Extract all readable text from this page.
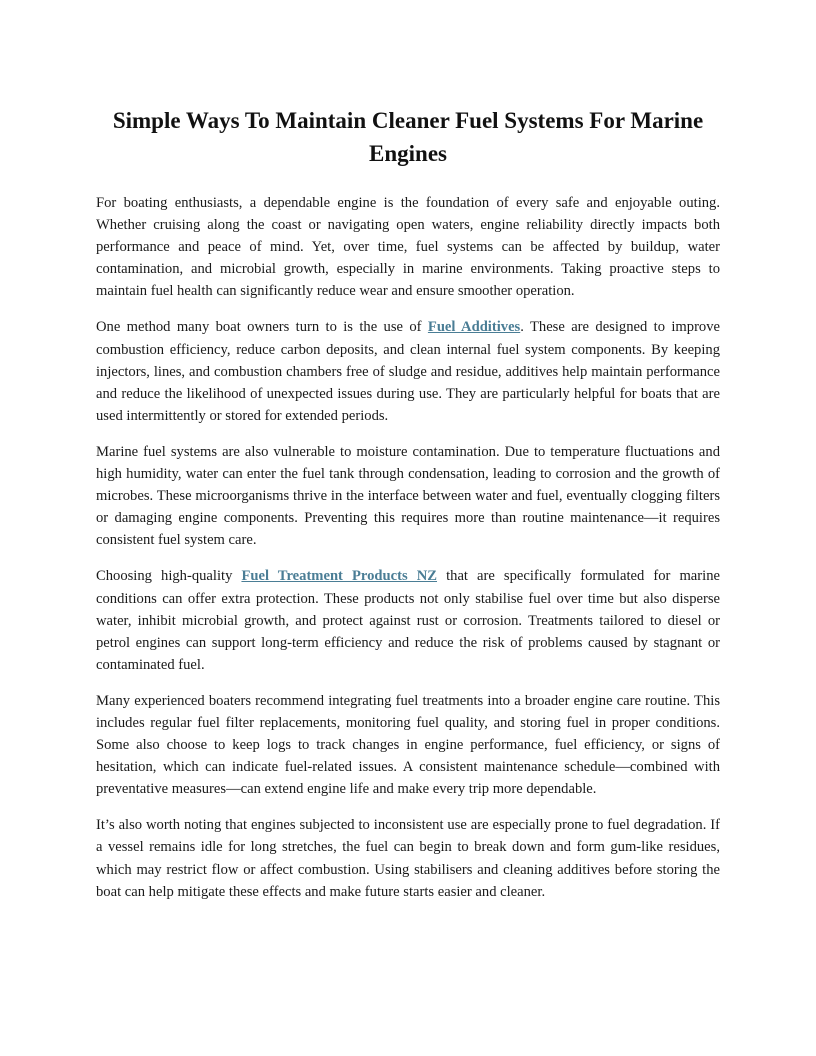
Simple Ways To Maintain Cleaner Fuel Systems For Marine Engines

For boating enthusiasts, a dependable engine is the foundation of every safe and enjoyable outing. Whether cruising along the coast or navigating open waters, engine reliability directly impacts both performance and peace of mind. Yet, over time, fuel systems can be affected by buildup, water contamination, and microbial growth, especially in marine environments. Taking proactive steps to maintain fuel health can significantly reduce wear and ensure smoother operation.

One method many boat owners turn to is the use of Fuel Additives. These are designed to improve combustion efficiency, reduce carbon deposits, and clean internal fuel system components. By keeping injectors, lines, and combustion chambers free of sludge and residue, additives help maintain performance and reduce the likelihood of unexpected issues during use. They are particularly helpful for boats that are used intermittently or stored for extended periods.

Marine fuel systems are also vulnerable to moisture contamination. Due to temperature fluctuations and high humidity, water can enter the fuel tank through condensation, leading to corrosion and the growth of microbes. These microorganisms thrive in the interface between water and fuel, eventually clogging filters or damaging engine components. Preventing this requires more than routine maintenance—it requires consistent fuel system care.

Choosing high-quality Fuel Treatment Products NZ that are specifically formulated for marine conditions can offer extra protection. These products not only stabilise fuel over time but also disperse water, inhibit microbial growth, and protect against rust or corrosion. Treatments tailored to diesel or petrol engines can support long-term efficiency and reduce the risk of problems caused by stagnant or contaminated fuel.

Many experienced boaters recommend integrating fuel treatments into a broader engine care routine. This includes regular fuel filter replacements, monitoring fuel quality, and storing fuel in proper conditions. Some also choose to keep logs to track changes in engine performance, fuel efficiency, or signs of hesitation, which can indicate fuel-related issues. A consistent maintenance schedule—combined with preventative measures—can extend engine life and make every trip more dependable.

It’s also worth noting that engines subjected to inconsistent use are especially prone to fuel degradation. If a vessel remains idle for long stretches, the fuel can begin to break down and form gum-like residues, which may restrict flow or affect combustion. Using stabilisers and cleaning additives before storing the boat can help mitigate these effects and make future starts easier and cleaner.
